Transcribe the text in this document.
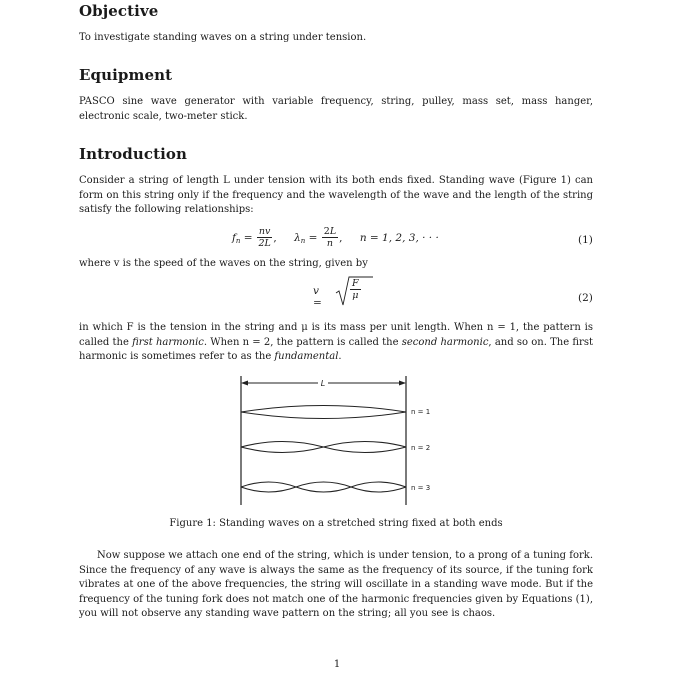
Objective
To investigate standing waves on a string under tension.
Equipment
PASCO sine wave generator with variable frequency, string, pulley, mass set, mass hanger, electronic scale, two-meter stick.
Introduction
Consider a string of length L under tension with its both ends fixed. Standing wave (Figure 1) can form on this string only if the frequency and the wavelength of the wave and the length of the string satisfy the following relationships:
$f_n = \frac{nv}{2L}$ , $\lambda_n = \frac{2L}{n}$ , n = 1, 2, 3, · · ·	(1)
where v is the speed of the waves on the string, given by
v =
$\frac{F}{\mu}$	(2)
in which F is the tension in the string and μ is its mass per unit length. When n = 1, the pattern is called the first harmonic. When n = 2, the pattern is called the second harmonic, and so on. The first harmonic is sometimes refer to as the fundamental.
L
n = 1
n = 2
n = 3
Figure 1: Standing waves on a stretched string fixed at both ends
Now suppose we attach one end of the string, which is under tension, to a prong of a tuning fork. Since the frequency of any wave is always the same as the frequency of its source, if the tuning fork vibrates at one of the above frequencies, the string will oscillate in a standing wave mode. But if the frequency of the tuning fork does not match one of the harmonic frequencies given by Equations (1), you will not observe any standing wave pattern on the string; all you see is chaos.
1
